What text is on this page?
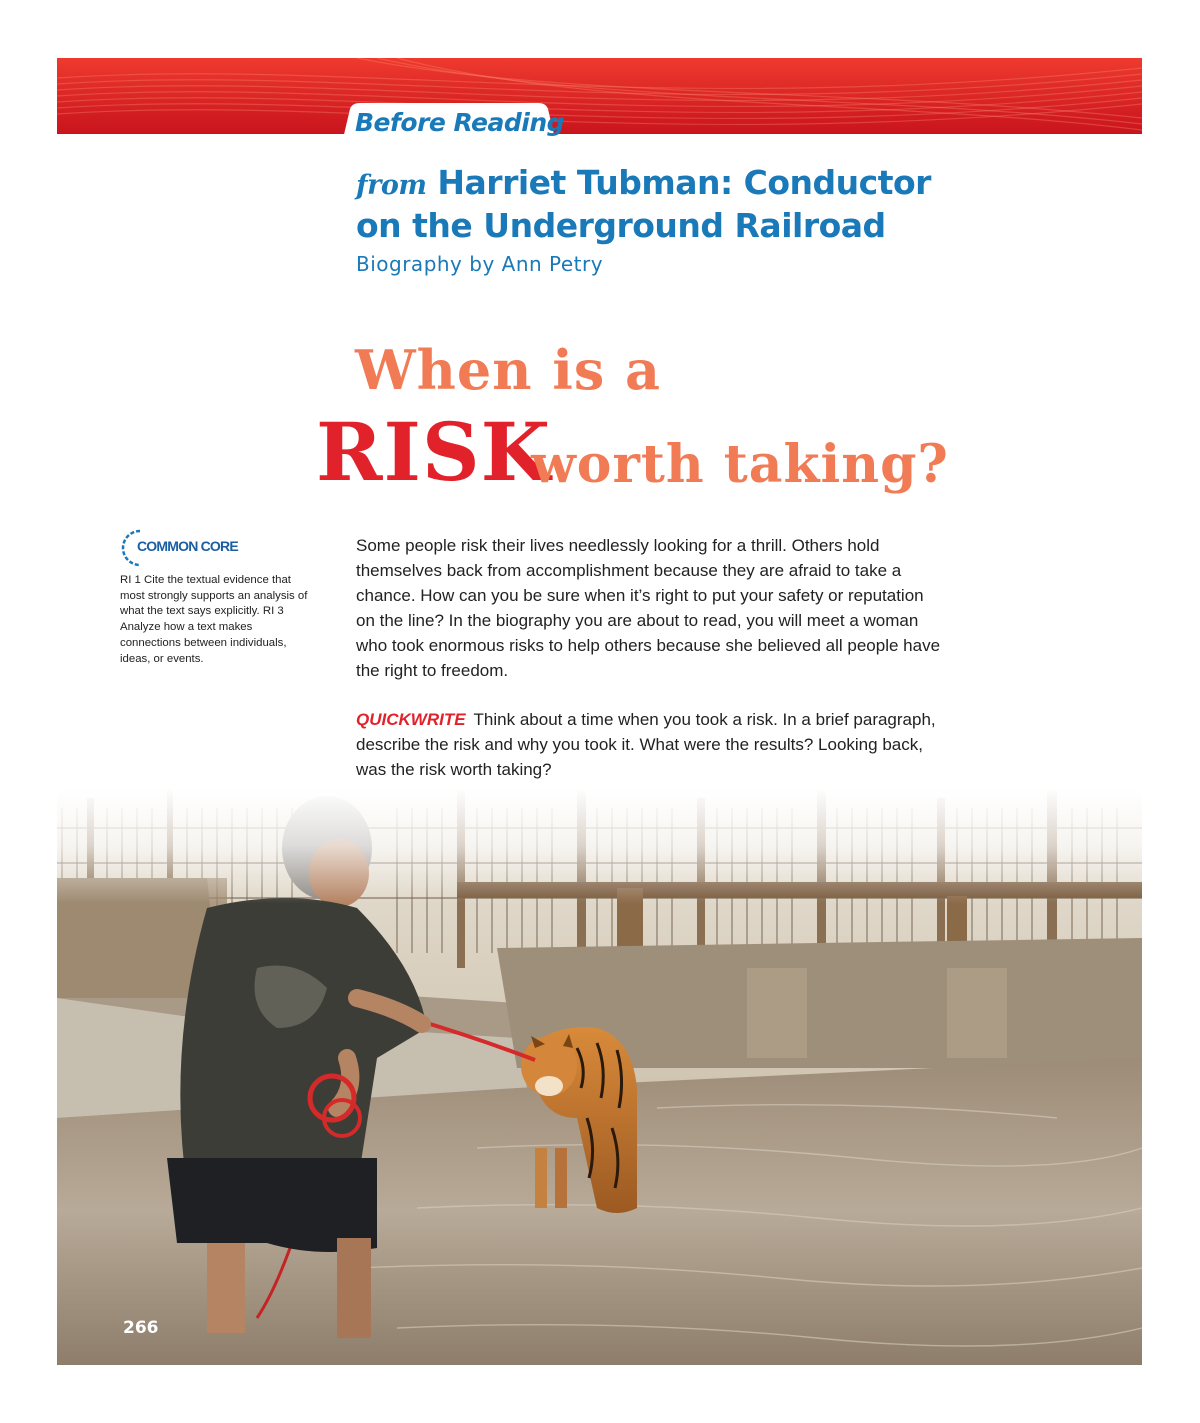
Before Reading
from Harriet Tubman: Conductor
on the Underground Railroad

Biography by Ann Petry

When is a
RISK
worth taking?
COMMON CORE
RI 1 Cite the textual evidence that most strongly supports an analysis of what the text says explicitly. RI 3 Analyze how a text makes connections between individuals, ideas, or events.

Some people risk their lives needlessly looking for a thrill. Others hold themselves back from accomplishment because they are afraid to take a chance. How can you be sure when it’s right to put your safety or reputation on the line? In the biography you are about to read, you will meet a woman who took enormous risks to help others because she believed all people have the right to freedom.

QUICKWRITE Think about a time when you took a risk. In a brief paragraph, describe the risk and why you took it. What were the results? Looking back, was the risk worth taking?

266
